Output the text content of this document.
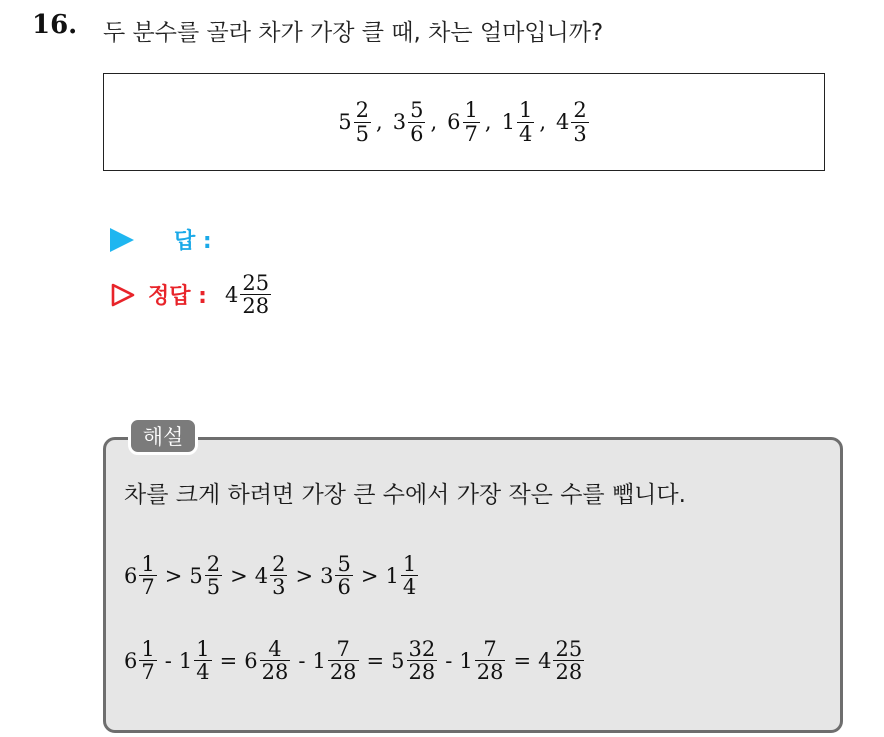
16. 두 분수를 골라 차가 가장 클 때, 차는 얼마입니까?
$5 \frac{2}{5}$ , $3 \frac{5}{6}$ , $6 \frac{1}{7}$ , $1 \frac{1}{4}$ , $4 \frac{2}{3}$
답 :
정답 : $4 \frac{25}{28}$
해설
차를 크게 하려면 가장 큰 수에서 가장 작은 수를 뺍니다.
$6 \frac{1}{7} > 5 \frac{2}{5} > 4 \frac{2}{3} > 3 \frac{5}{6} > 1 \frac{1}{4}$
$6 \frac{1}{7} - 1 \frac{1}{4} = 6 \frac{4}{28} - 1 \frac{7}{28} = 5 \frac{32}{28} - 1 \frac{7}{28} = 4 \frac{25}{28}$
